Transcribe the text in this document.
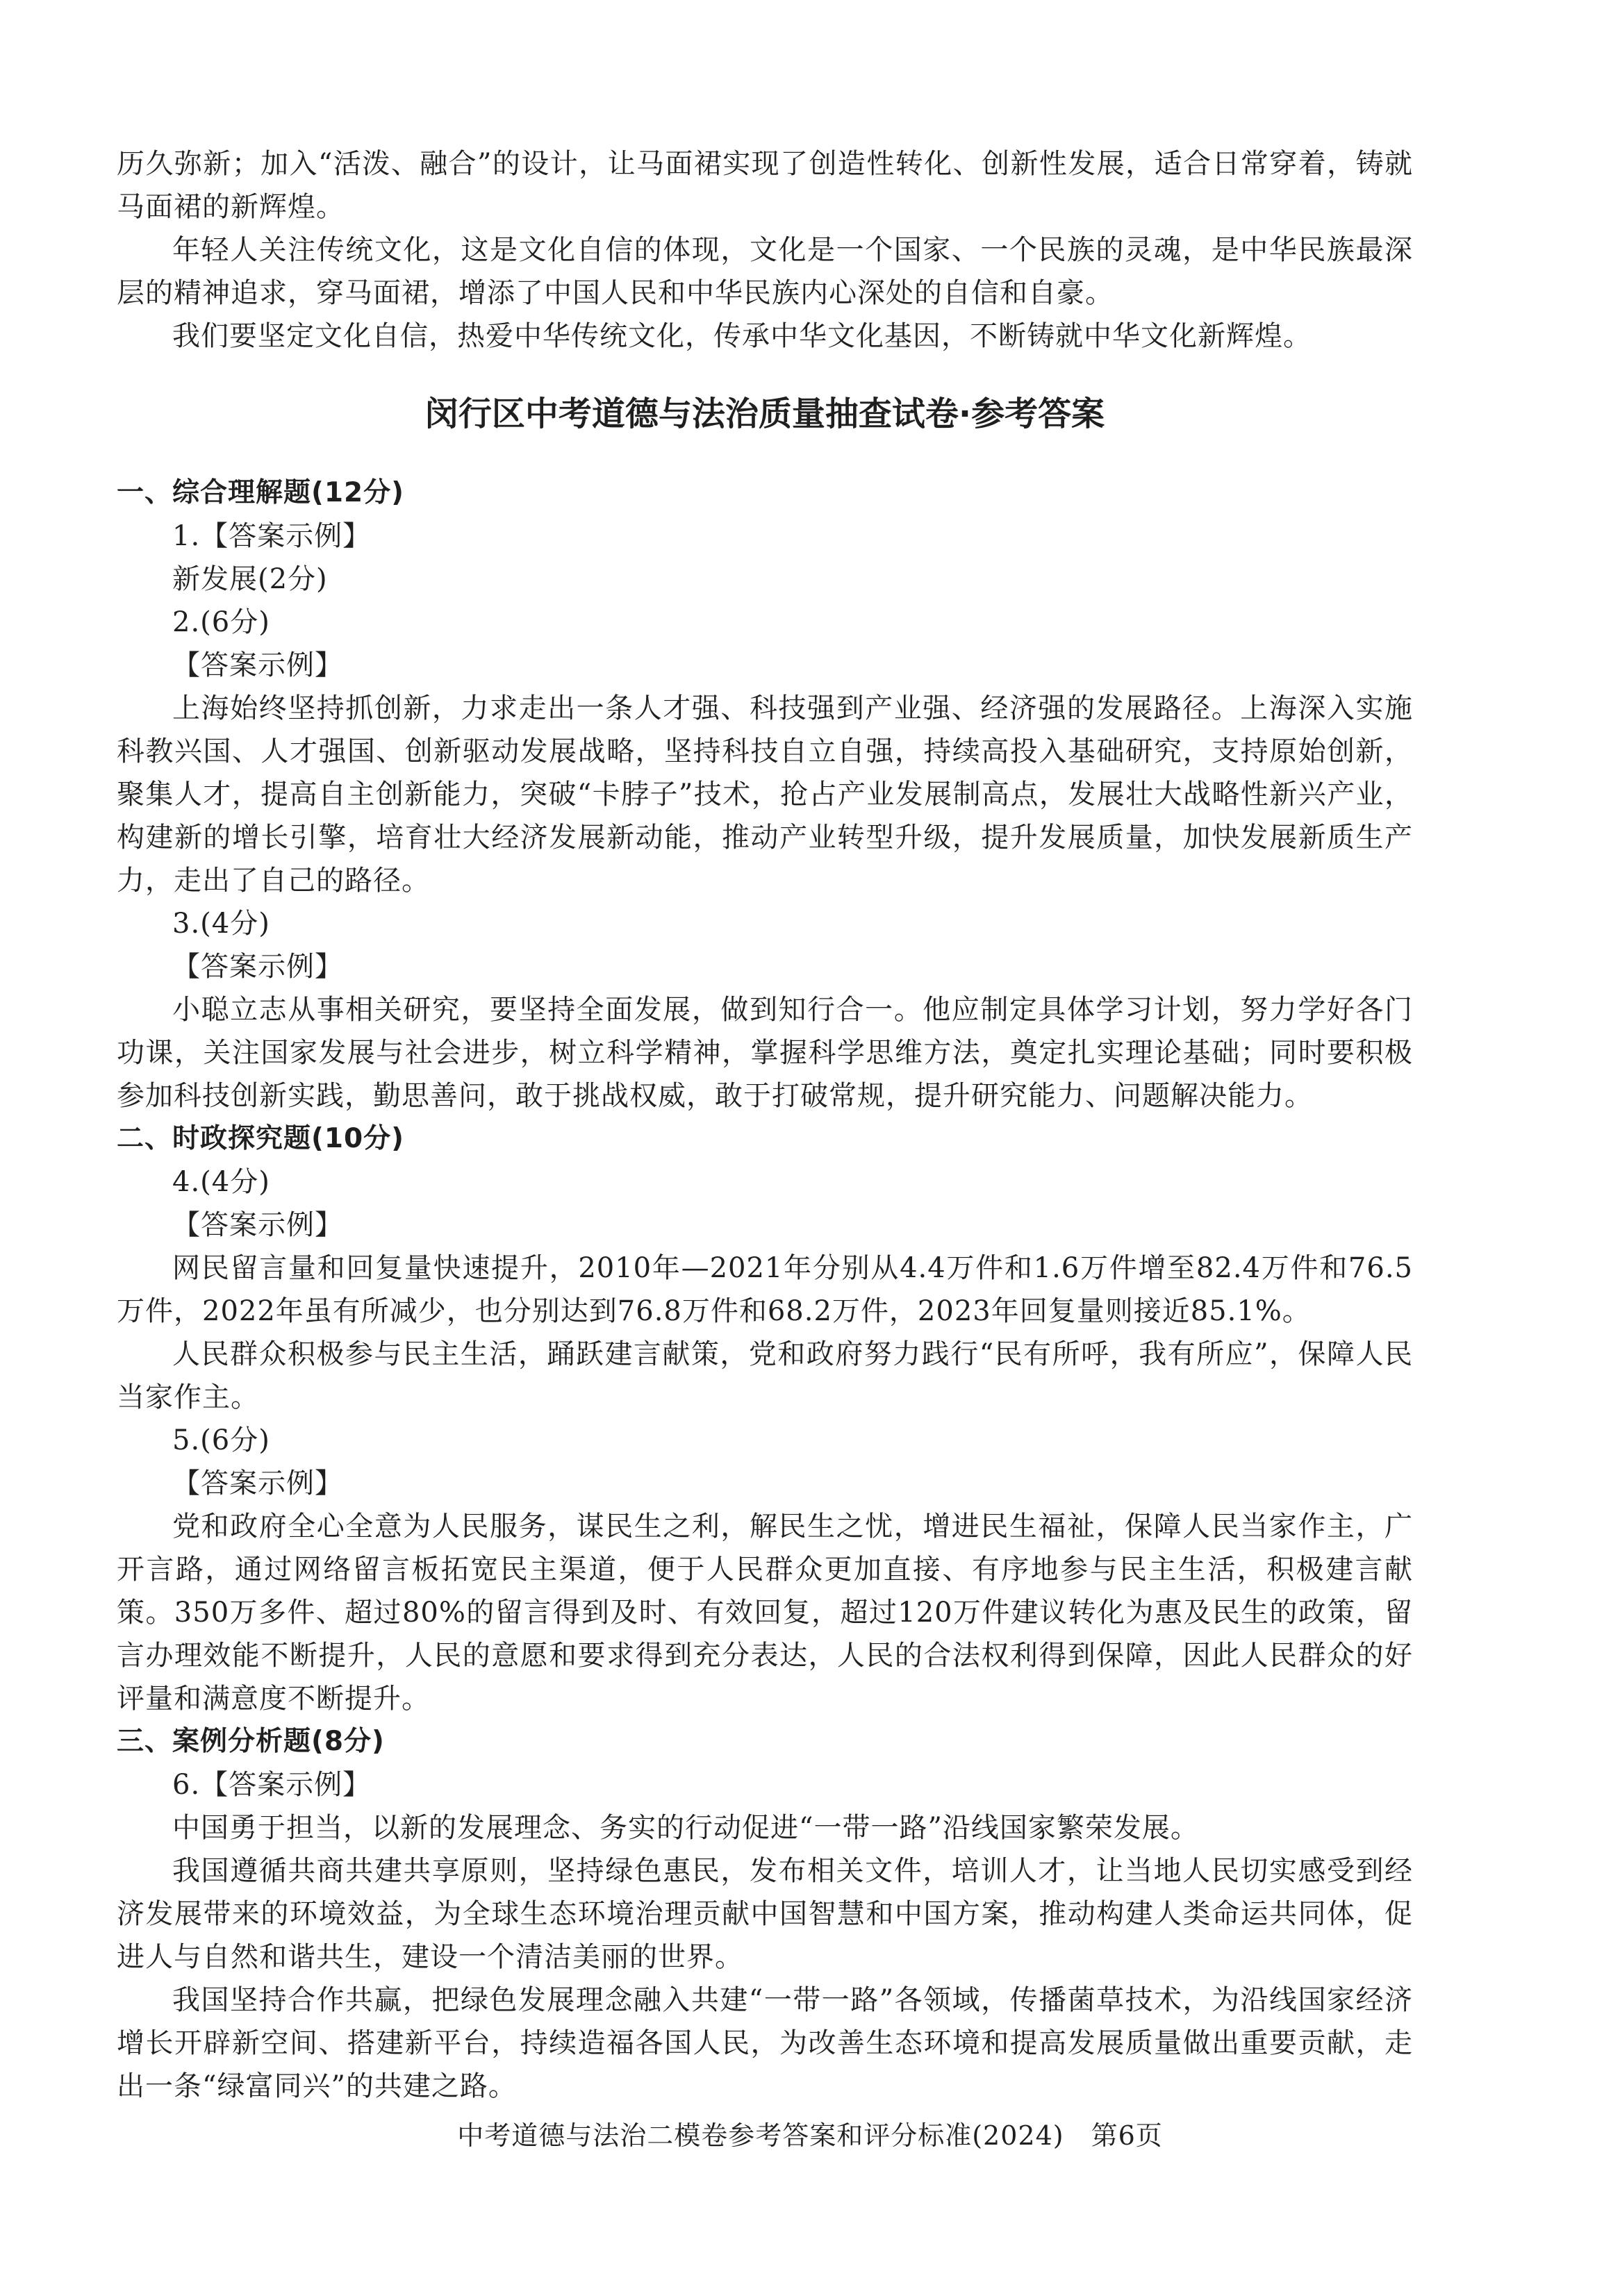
历久弥新；加入“活泼、融合”的设计，让马面裙实现了创造性转化、创新性发展，适合日常穿着，铸就马面裙的新辉煌。

年轻人关注传统文化，这是文化自信的体现，文化是一个国家、一个民族的灵魂，是中华民族最深层的精神追求，穿马面裙，增添了中国人民和中华民族内心深处的自信和自豪。

我们要坚定文化自信，热爱中华传统文化，传承中华文化基因，不断铸就中华文化新辉煌。

闵行区中考道德与法治质量抽查试卷·参考答案

一、综合理解题(12分)

1.【答案示例】

新发展(2分)

2.(6分)

【答案示例】

上海始终坚持抓创新，力求走出一条人才强、科技强到产业强、经济强的发展路径。上海深入实施科教兴国、人才强国、创新驱动发展战略，坚持科技自立自强，持续高投入基础研究，支持原始创新，聚集人才，提高自主创新能力，突破“卡脖子”技术，抢占产业发展制高点，发展壮大战略性新兴产业，构建新的增长引擎，培育壮大经济发展新动能，推动产业转型升级，提升发展质量，加快发展新质生产力，走出了自己的路径。

3.(4分)

【答案示例】

小聪立志从事相关研究，要坚持全面发展，做到知行合一。他应制定具体学习计划，努力学好各门功课，关注国家发展与社会进步，树立科学精神，掌握科学思维方法，奠定扎实理论基础；同时要积极参加科技创新实践，勤思善问，敢于挑战权威，敢于打破常规，提升研究能力、问题解决能力。

二、时政探究题(10分)

4.(4分)

【答案示例】

网民留言量和回复量快速提升，2010年—2021年分别从4.4万件和1.6万件增至82.4万件和76.5万件，2022年虽有所减少，也分别达到76.8万件和68.2万件，2023年回复量则接近85.1%。

人民群众积极参与民主生活，踊跃建言献策，党和政府努力践行“民有所呼，我有所应”，保障人民当家作主。

5.(6分)

【答案示例】

党和政府全心全意为人民服务，谋民生之利，解民生之忧，增进民生福祉，保障人民当家作主，广开言路，通过网络留言板拓宽民主渠道，便于人民群众更加直接、有序地参与民主生活，积极建言献策。350万多件、超过80%的留言得到及时、有效回复，超过120万件建议转化为惠及民生的政策，留言办理效能不断提升，人民的意愿和要求得到充分表达，人民的合法权利得到保障，因此人民群众的好评量和满意度不断提升。

三、案例分析题(8分)

6.【答案示例】

中国勇于担当，以新的发展理念、务实的行动促进“一带一路”沿线国家繁荣发展。

我国遵循共商共建共享原则，坚持绿色惠民，发布相关文件，培训人才，让当地人民切实感受到经济发展带来的环境效益，为全球生态环境治理贡献中国智慧和中国方案，推动构建人类命运共同体，促进人与自然和谐共生，建设一个清洁美丽的世界。

我国坚持合作共赢，把绿色发展理念融入共建“一带一路”各领域，传播菌草技术，为沿线国家经济增长开辟新空间、搭建新平台，持续造福各国人民，为改善生态环境和提高发展质量做出重要贡献，走出一条“绿富同兴”的共建之路。

中考道德与法治二模卷参考答案和评分标准(2024)　第6页
